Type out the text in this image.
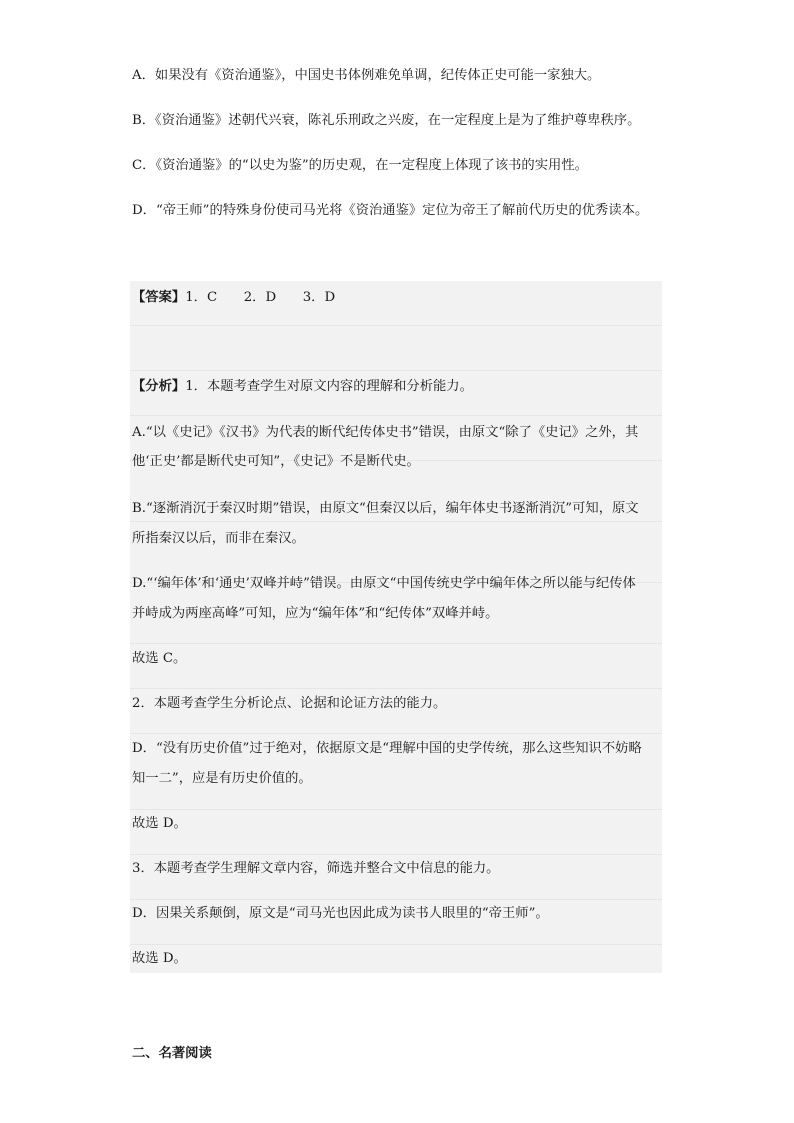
A．如果没有《资治通鉴》，中国史书体例难免单调，纪传体正史可能一家独大。
B．《资治通鉴》述朝代兴衰，陈礼乐刑政之兴废，在一定程度上是为了维护尊卑秩序。
C．《资治通鉴》的“以史为鉴”的历史观，在一定程度上体现了该书的实用性。
D．“帝王师”的特殊身份使司马光将《资治通鉴》定位为帝王了解前代历史的优秀读本。
【答案】1．C　　2．D　　3．D
【分析】1．本题考查学生对原文内容的理解和分析能力。
A.“以《史记》《汉书》为代表的断代纪传体史书”错误，由原文“除了《史记》之外，其
他‘正史’都是断代史可知”，《史记》不是断代史。
B.“逐渐消沉于秦汉时期”错误，由原文“但秦汉以后，编年体史书逐渐消沉”可知，原文
所指秦汉以后，而非在秦汉。
D.“‘编年体’和‘通史’双峰并峙”错误。由原文“中国传统史学中编年体之所以能与纪传体
并峙成为两座高峰”可知，应为“编年体”和“纪传体”双峰并峙。
故选 C。
2．本题考查学生分析论点、论据和论证方法的能力。
D．“没有历史价值”过于绝对，依据原文是“理解中国的史学传统，那么这些知识不妨略
知一二”，应是有历史价值的。
故选 D。
3．本题考查学生理解文章内容，筛选并整合文中信息的能力。
D．因果关系颠倒，原文是“司马光也因此成为读书人眼里的“帝王师”。
故选 D。
二、名著阅读
